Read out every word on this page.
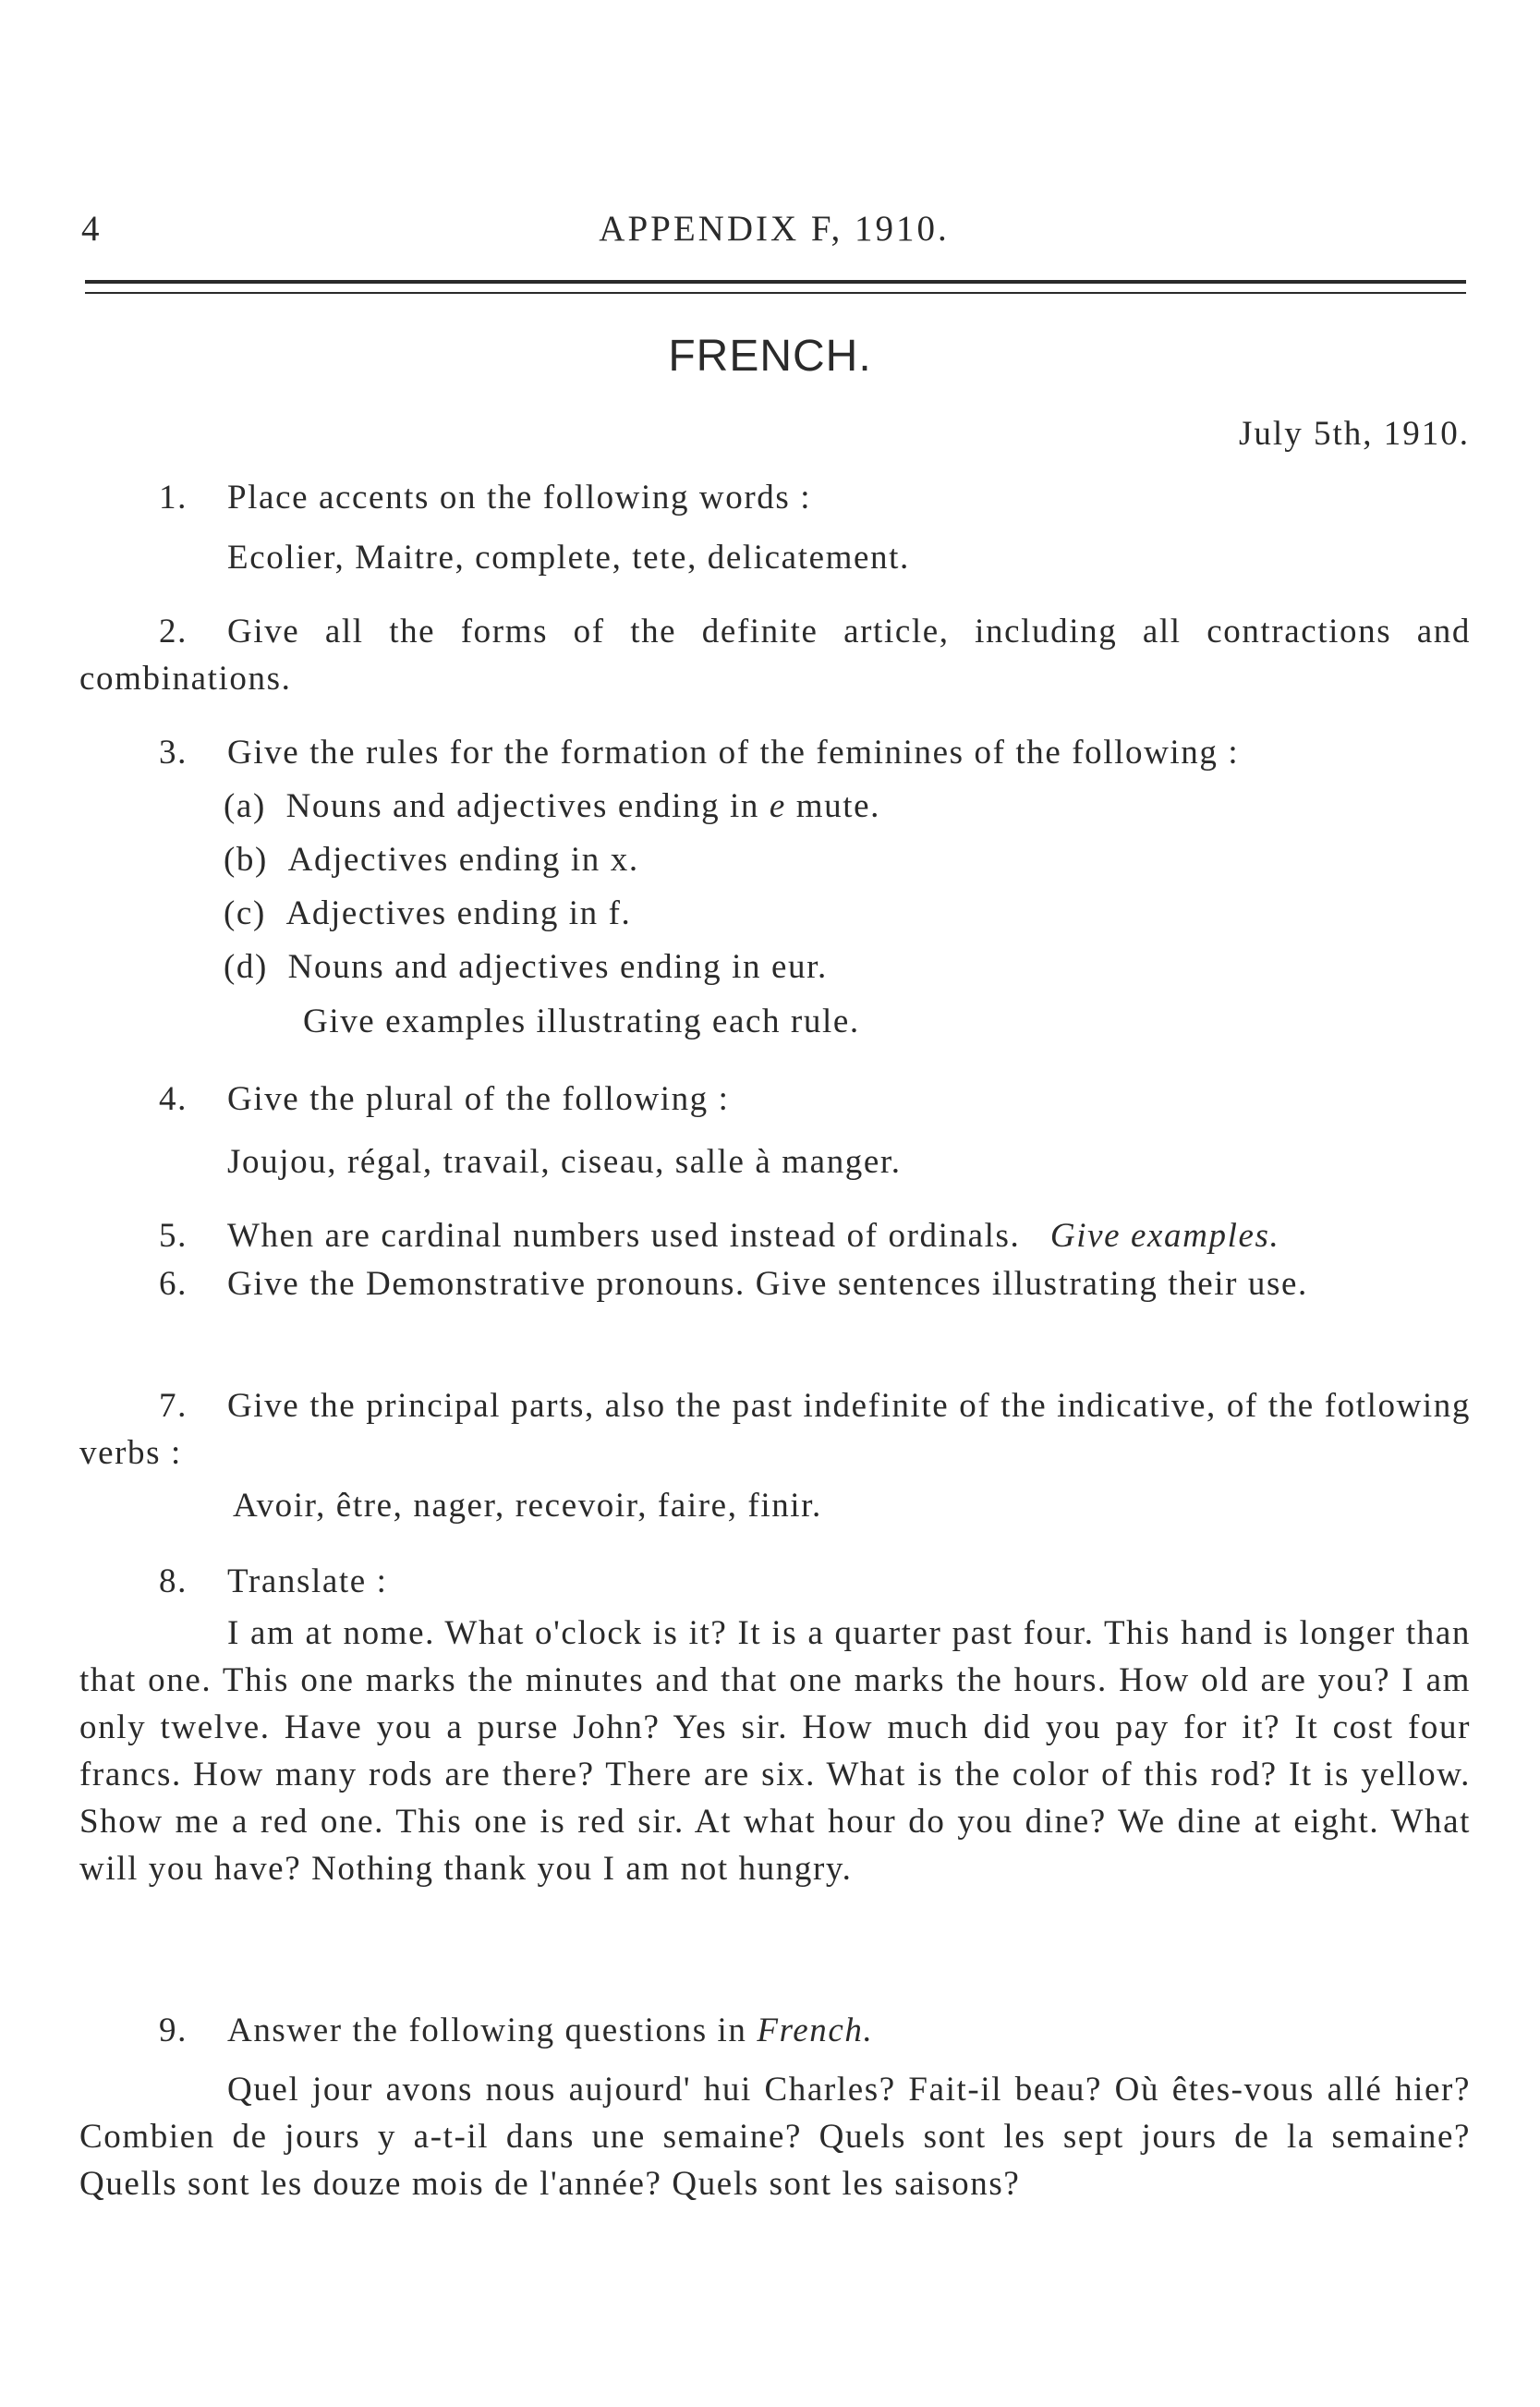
4	APPENDIX F, 1910.
FRENCH.
July 5th, 1910.
1. Place accents on the following words :
Ecolier, Maitre, complete, tete, delicatement.
2. Give all the forms of the definite article, including all contractions and combinations.
3. Give the rules for the formation of the feminines of the following :
(a) Nouns and adjectives ending in e mute.
(b) Adjectives ending in x.
(c) Adjectives ending in f.
(d) Nouns and adjectives ending in eur.
Give examples illustrating each rule.
4. Give the plural of the following :
Joujou, régal, travail, ciseau, salle à manger.
5. When are cardinal numbers used instead of ordinals. Give examples.
6. Give the Demonstrative pronouns. Give sentences illustrating their use.
7. Give the principal parts, also the past indefinite of the indicative, of the fotlowing verbs :
Avoir, être, nager, recevoir, faire, finir.
8. Translate :
I am at nome. What o'clock is it? It is a quarter past four. This hand is longer than that one. This one marks the minutes and that one marks the hours. How old are you? I am only twelve. Have you a purse John? Yes sir. How much did you pay for it? It cost four francs. How many rods are there? There are six. What is the color of this rod? It is yellow. Show me a red one. This one is red sir. At what hour do you dine? We dine at eight. What will you have? Nothing thank you I am not hungry.
9. Answer the following questions in French.
Quel jour avons nous aujourd' hui Charles? Fait-il beau? Où êtes-vous allé hier? Combien de jours y a-t-il dans une semaine? Quels sont les sept jours de la semaine? Quells sont les douze mois de l'année? Quels sont les saisons?
